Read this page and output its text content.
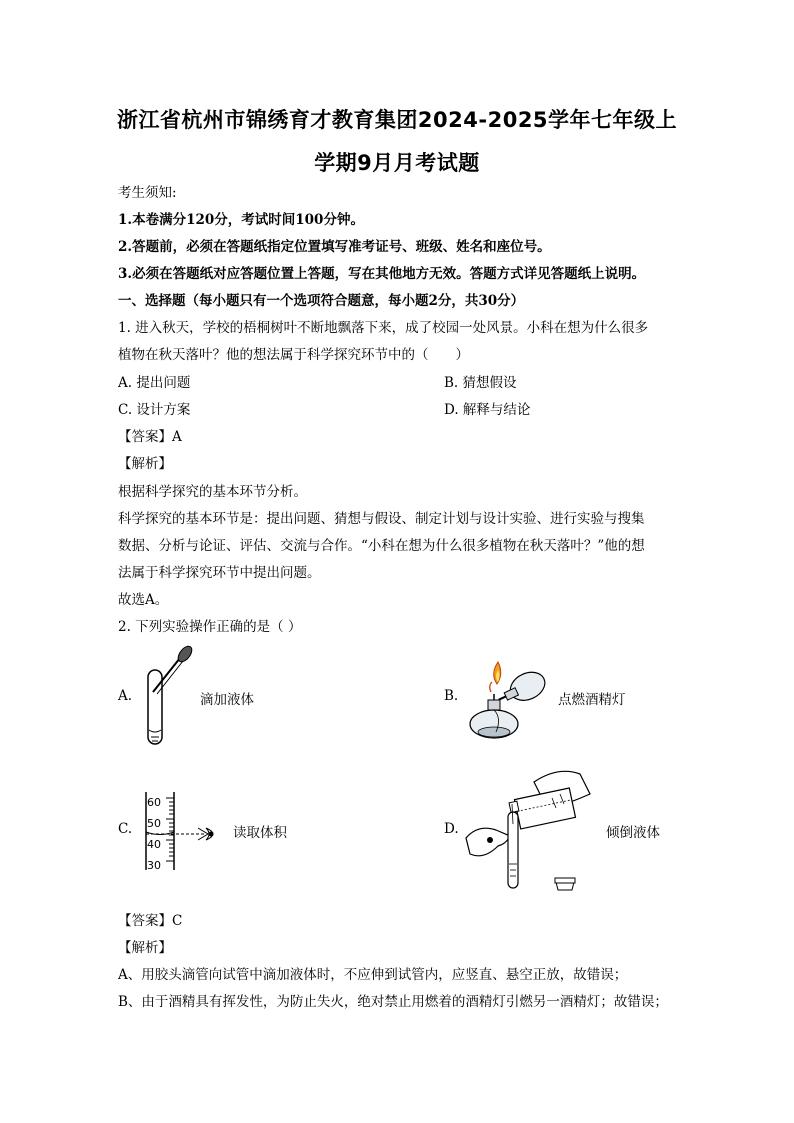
浙江省杭州市锦绣育才教育集团2024-2025学年七年级上
学期9月月考试题
考生须知:
1.本卷满分120分，考试时间100分钟。
2.答题前，必须在答题纸指定位置填写准考证号、班级、姓名和座位号。
3.必须在答题纸对应答题位置上答题，写在其他地方无效。答题方式详见答题纸上说明。
一、选择题（每小题只有一个选项符合题意，每小题2分，共30分）
1. 进入秋天，学校的梧桐树叶不断地飘落下来，成了校园一处风景。小科在想为什么很多
植物在秋天落叶？他的想法属于科学探究环节中的（　　）
A. 提出问题	B. 猜想假设
C. 设计方案	D. 解释与结论
【答案】A
【解析】
根据科学探究的基本环节分析。
科学探究的基本环节是：提出问题、猜想与假设、制定计划与设计实验、进行实验与搜集
数据、分析与论证、评估、交流与合作。“小科在想为什么很多植物在秋天落叶？”他的想
法属于科学探究环节中提出问题。
故选A。
2. 下列实验操作正确的是（ ）
A.	滴加液体	B.	点燃酒精灯
C.
60
50
40
30
读取体积	D.	倾倒液体
【答案】C
【解析】
A、用胶头滴管向试管中滴加液体时，不应伸到试管内，应竖直、悬空正放，故错误；
B、由于酒精具有挥发性，为防止失火，绝对禁止用燃着的酒精灯引燃另一酒精灯；故错误；
